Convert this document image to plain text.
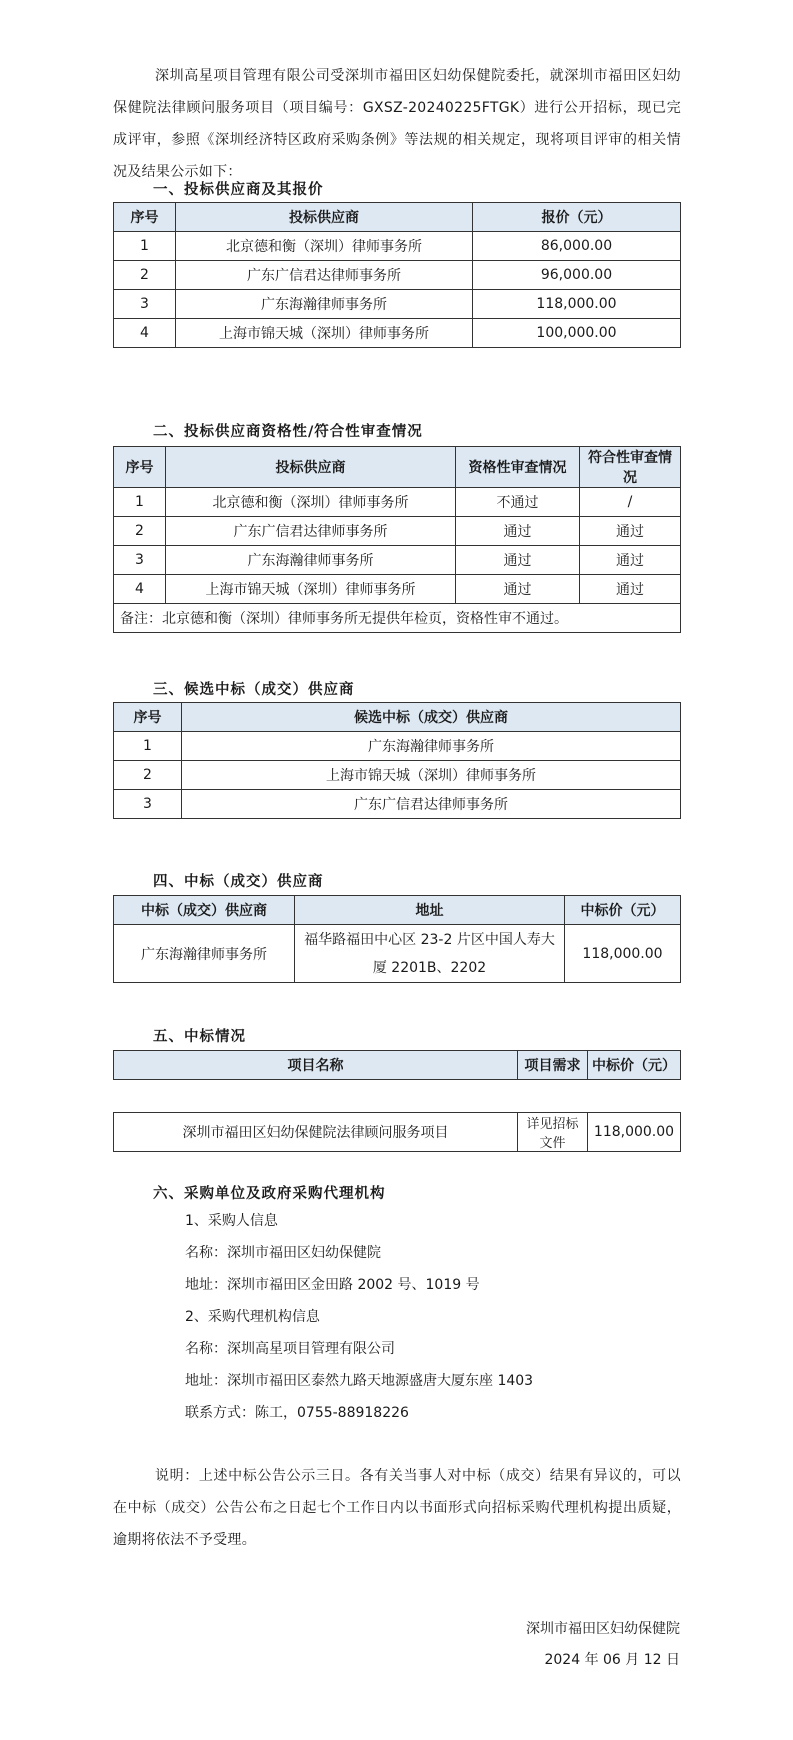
深圳高星项目管理有限公司受深圳市福田区妇幼保健院委托，就深圳市福田区妇幼保健院法律顾问服务项目（项目编号：GXSZ-20240225FTGK）进行公开招标，现已完成评审，参照《深圳经济特区政府采购条例》等法规的相关规定，现将项目评审的相关情况及结果公示如下：

一、投标供应商及其报价
序号	投标供应商	报价（元）
1	北京德和衡（深圳）律师事务所	86,000.00
2	广东广信君达律师事务所	96,000.00
3	广东海瀚律师事务所	118,000.00
4	上海市锦天城（深圳）律师事务所	100,000.00
二、投标供应商资格性/符合性审查情况
序号	投标供应商	资格性审查情况	符合性审查情况
1	北京德和衡（深圳）律师事务所	不通过	/
2	广东广信君达律师事务所	通过	通过
3	广东海瀚律师事务所	通过	通过
4	上海市锦天城（深圳）律师事务所	通过	通过
备注：北京德和衡（深圳）律师事务所无提供年检页，资格性审不通过。			
三、候选中标（成交）供应商
序号	候选中标（成交）供应商
1	广东海瀚律师事务所
2	上海市锦天城（深圳）律师事务所
3	广东广信君达律师事务所
四、中标（成交）供应商
中标（成交）供应商	地址	中标价（元）
广东海瀚律师事务所	福华路福田中心区 23-2 片区中国人寿大厦 2201B、2202	118,000.00
五、中标情况
项目名称	项目需求	中标价（元）
深圳市福田区妇幼保健院法律顾问服务项目	详见招标文件	118,000.00
六、采购单位及政府采购代理机构
1、采购人信息
名称：深圳市福田区妇幼保健院
地址：深圳市福田区金田路 2002 号、1019 号
2、采购代理机构信息
名称：深圳高星项目管理有限公司
地址：深圳市福田区泰然九路天地源盛唐大厦东座 1403
联系方式：陈工，0755-88918226

说明：上述中标公告公示三日。各有关当事人对中标（成交）结果有异议的，可以在中标（成交）公告公布之日起七个工作日内以书面形式向招标采购代理机构提出质疑，逾期将依法不予受理。

深圳市福田区妇幼保健院
2024 年 06 月 12 日
